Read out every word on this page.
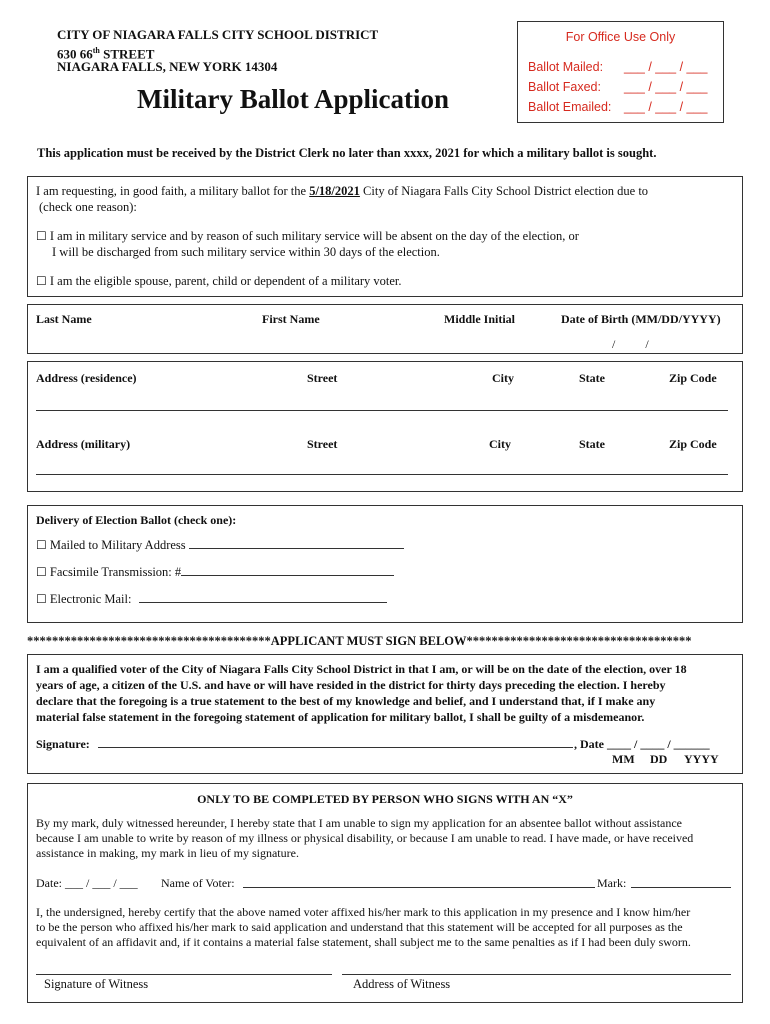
CITY OF NIAGARA FALLS CITY SCHOOL DISTRICT
630 66th STREET
NIAGARA FALLS, NEW YORK 14304
Military Ballot Application
For Office Use Only
Ballot Mailed: ___ / ___ / ___
Ballot Faxed: ___ / ___ / ___
Ballot Emailed: ___ / ___ / ___
This application must be received by the District Clerk no later than xxxx, 2021 for which a military ballot is sought.
I am requesting, in good faith, a military ballot for the 5/18/2021 City of Niagara Falls City School District election due to
(check one reason):
☐ I am in military service and by reason of such military service will be absent on the day of the election, or
I will be discharged from such military service within 30 days of the election.
☐ I am the eligible spouse, parent, child or dependent of a military voter.
Last Name	First Name	Middle Initial	Date of Birth (MM/DD/YYYY)
/          /
Address (residence)	Street	City	State	Zip Code
Address (military)	Street	City	State	Zip Code
Delivery of Election Ballot (check one):
☐ Mailed to Military Address
☐ Facsimile Transmission: #
☐ Electronic Mail:
***************************************APPLICANT MUST SIGN BELOW************************************
I am a qualified voter of the City of Niagara Falls City School District in that I am, or will be on the date of the election, over 18
years of age, a citizen of the U.S. and have or will have resided in the district for thirty days preceding the election. I hereby
declare that the foregoing is a true statement to the best of my knowledge and belief, and I understand that, if I make any
material false statement in the foregoing statement of application for military ballot, I shall be guilty of a misdemeanor.
Signature:	, Date ____ / ____ / ______
MM DD YYYY
ONLY TO BE COMPLETED BY PERSON WHO SIGNS WITH AN “X”
By my mark, duly witnessed hereunder, I hereby state that I am unable to sign my application for an absentee ballot without assistance
because I am unable to write by reason of my illness or physical disability, or because I am unable to read. I have made, or have received
assistance in making, my mark in lieu of my signature.
Date: ___ / ___ / ___ Name of Voter:	Mark:
I, the undersigned, hereby certify that the above named voter affixed his/her mark to this application in my presence and I know him/her
to be the person who affixed his/her mark to said application and understand that this statement will be accepted for all purposes as the
equivalent of an affidavit and, if it contains a material false statement, shall subject me to the same penalties as if I had been duly sworn.
Signature of Witness	Address of Witness
